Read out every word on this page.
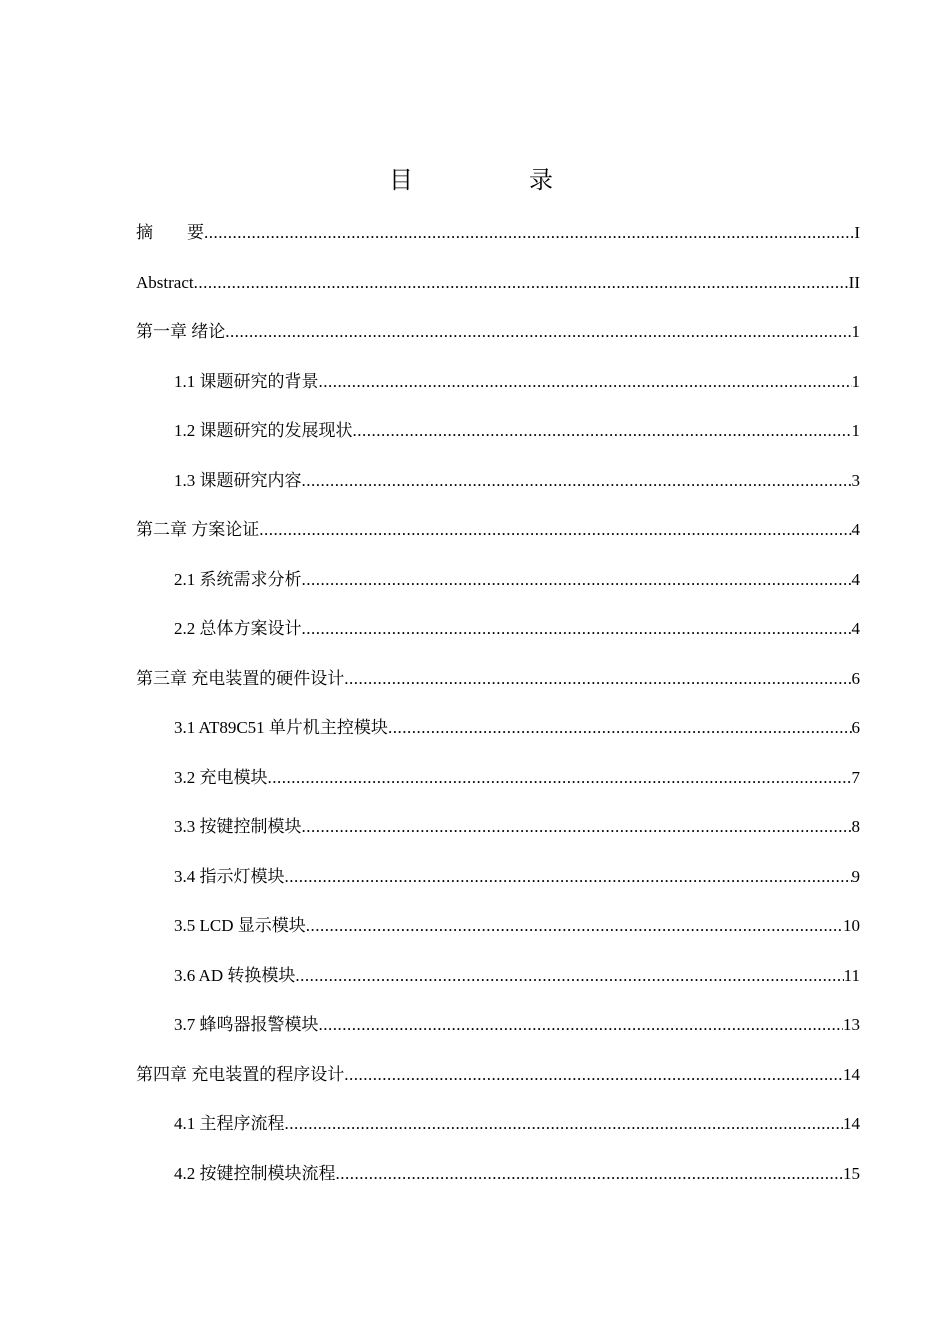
目　录
摘　　要 .....	I
Abstract .....	II
第一章 绪论 .....	1
1.1 课题研究的背景 .....	1
1.2 课题研究的发展现状 .....	1
1.3 课题研究内容 .....	3
第二章 方案论证 .....	4
2.1 系统需求分析 .....	4
2.2 总体方案设计 .....	4
第三章 充电装置的硬件设计 .....	6
3.1 AT89C51 单片机主控模块 .....	6
3.2 充电模块 .....	7
3.3 按键控制模块 .....	8
3.4 指示灯模块 .....	9
3.5 LCD 显示模块 .....	10
3.6 AD 转换模块 .....	11
3.7 蜂鸣器报警模块 .....	13
第四章 充电装置的程序设计 .....	14
4.1 主程序流程 .....	14
4.2 按键控制模块流程 .....	15
